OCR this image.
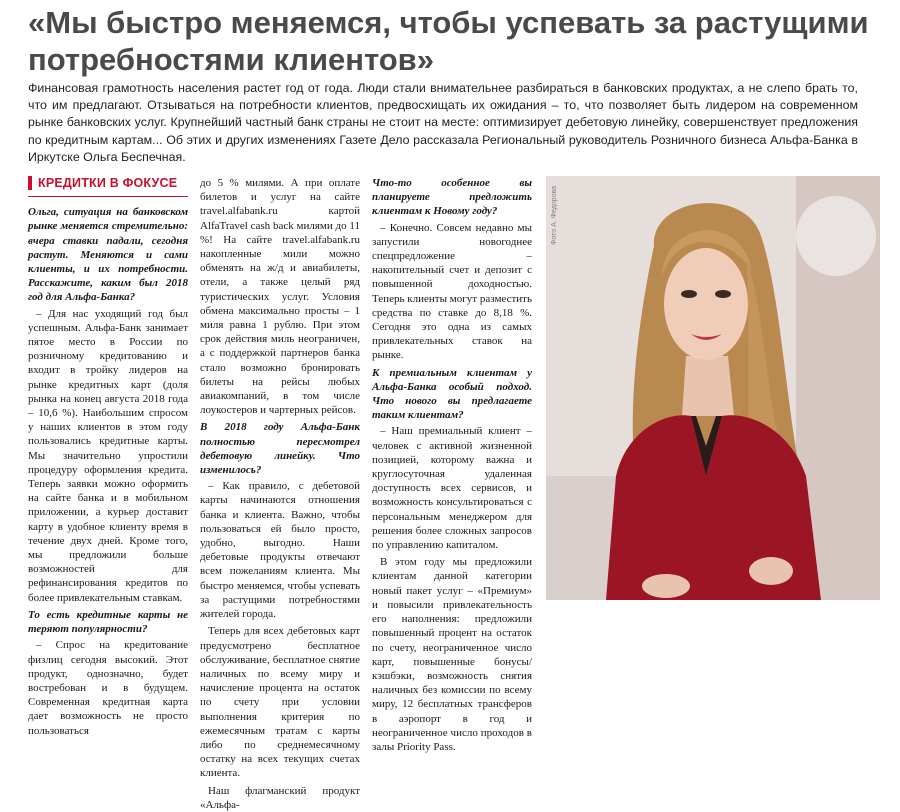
«Мы быстро меняемся, чтобы успевать за растущими потребностями клиентов»

Финансовая грамотность населения растет год от года. Люди стали внимательнее разбираться в банковских продуктах, а не слепо брать то, что им предлагают. Отзываться на потребности клиентов, предвосхищать их ожидания – то, что позволяет быть лидером на современном рынке банковских услуг. Крупнейший частный банк страны не стоит на месте: оптимизирует дебетовую линейку, совершенствует предложения по кредитным картам... Об этих и других изменениях Газете Дело рассказала Региональный руководитель Розничного бизнеса Альфа-Банка в Иркутске Ольга Беспечная.

КРЕДИТКИ В ФОКУСЕ

Ольга, ситуация на банковском рынке меняется стремительно: вчера ставки падали, сегодня растут. Меняются и сами клиенты, и их потребности. Расскажите, каким был 2018 год для Альфа-Банка?

– Для нас уходящий год был успешным. Альфа-Банк занимает пятое место в России по розничному кредитованию и входит в тройку лидеров на рынке кредитных карт (доля рынка на конец августа 2018 года – 10,6 %). Наибольшим спросом у наших клиентов в этом году пользовались кредитные карты. Мы значительно упростили процедуру оформления кредита. Теперь заявки можно оформить на сайте банка и в мобильном приложении, а курьер доставит карту в удобное клиенту время в течение двух дней. Кроме того, мы предложили больше возможностей для рефинансирования кредитов по более привлекательным ставкам.

То есть кредитные карты не теряют популярности?

– Спрос на кредитование физлиц сегодня высокий. Этот продукт, однозначно, будет востребован и в будущем. Современная кредитная карта дает возможность не просто пользоваться

до 5 % милями. А при оплате билетов и услуг на сайте travel.alfabank.ru картой AlfaTravel cash back милями до 11 %! На сайте travel.alfabank.ru накопленные мили можно обменять на ж/д и авиабилеты, отели, а также целый ряд туристических услуг. Условия обмена максимально просты – 1 миля равна 1 рублю. При этом срок действия миль неограничен, а с поддержкой партнеров банка стало возможно бронировать билеты на рейсы любых авиакомпаний, в том числе лоукостеров и чартерных рейсов.

В 2018 году Альфа-Банк полностью пересмотрел дебетовую линейку. Что изменилось?

– Как правило, с дебетовой карты начинаются отношения банка и клиента. Важно, чтобы пользоваться ей было просто, удобно, выгодно. Наши дебетовые продукты отвечают всем пожеланиям клиента. Мы быстро меняемся, чтобы успевать за растущими потребностями жителей города.

Теперь для всех дебетовых карт предусмотрено бесплатное обслуживание, бесплатное снятие наличных по всему миру и начисление процента на остаток по счету при условии выполнения критерия по ежемесячным тратам с карты либо по среднемесячному остатку на всех текущих счетах клиента.

Наш флагманский продукт «Альфа-

Что-то особенное вы планируете предложить клиентам к Новому году?

– Конечно. Совсем недавно мы запустили новогоднее спецпредложение – накопительный счет и депозит с повышенной доходностью. Теперь клиенты могут разместить средства по ставке до 8,18 %. Сегодня это одна из самых привлекательных ставок на рынке.

К премиальным клиентам у Альфа-Банка особый подход. Что нового вы предлагаете таким клиентам?

– Наш премиальный клиент – человек с активной жизненной позицией, которому важна и круглосуточная удаленная доступность всех сервисов, и возможность консультироваться с персональным менеджером для решения более сложных запросов по управлению капиталом.

В этом году мы предложили клиентам данной категории новый пакет услуг – «Премиум» и повысили привлекательность его наполнения: предложили повышенный процент на остаток по счету, неограниченное число карт, повышенные бонусы/кэшбэки, возможность снятия наличных без комиссии по всему миру, 12 бесплатных трансферов в аэропорт в год и неограниченное число проходов в залы Priority Pass.

Фото А. Федорова
